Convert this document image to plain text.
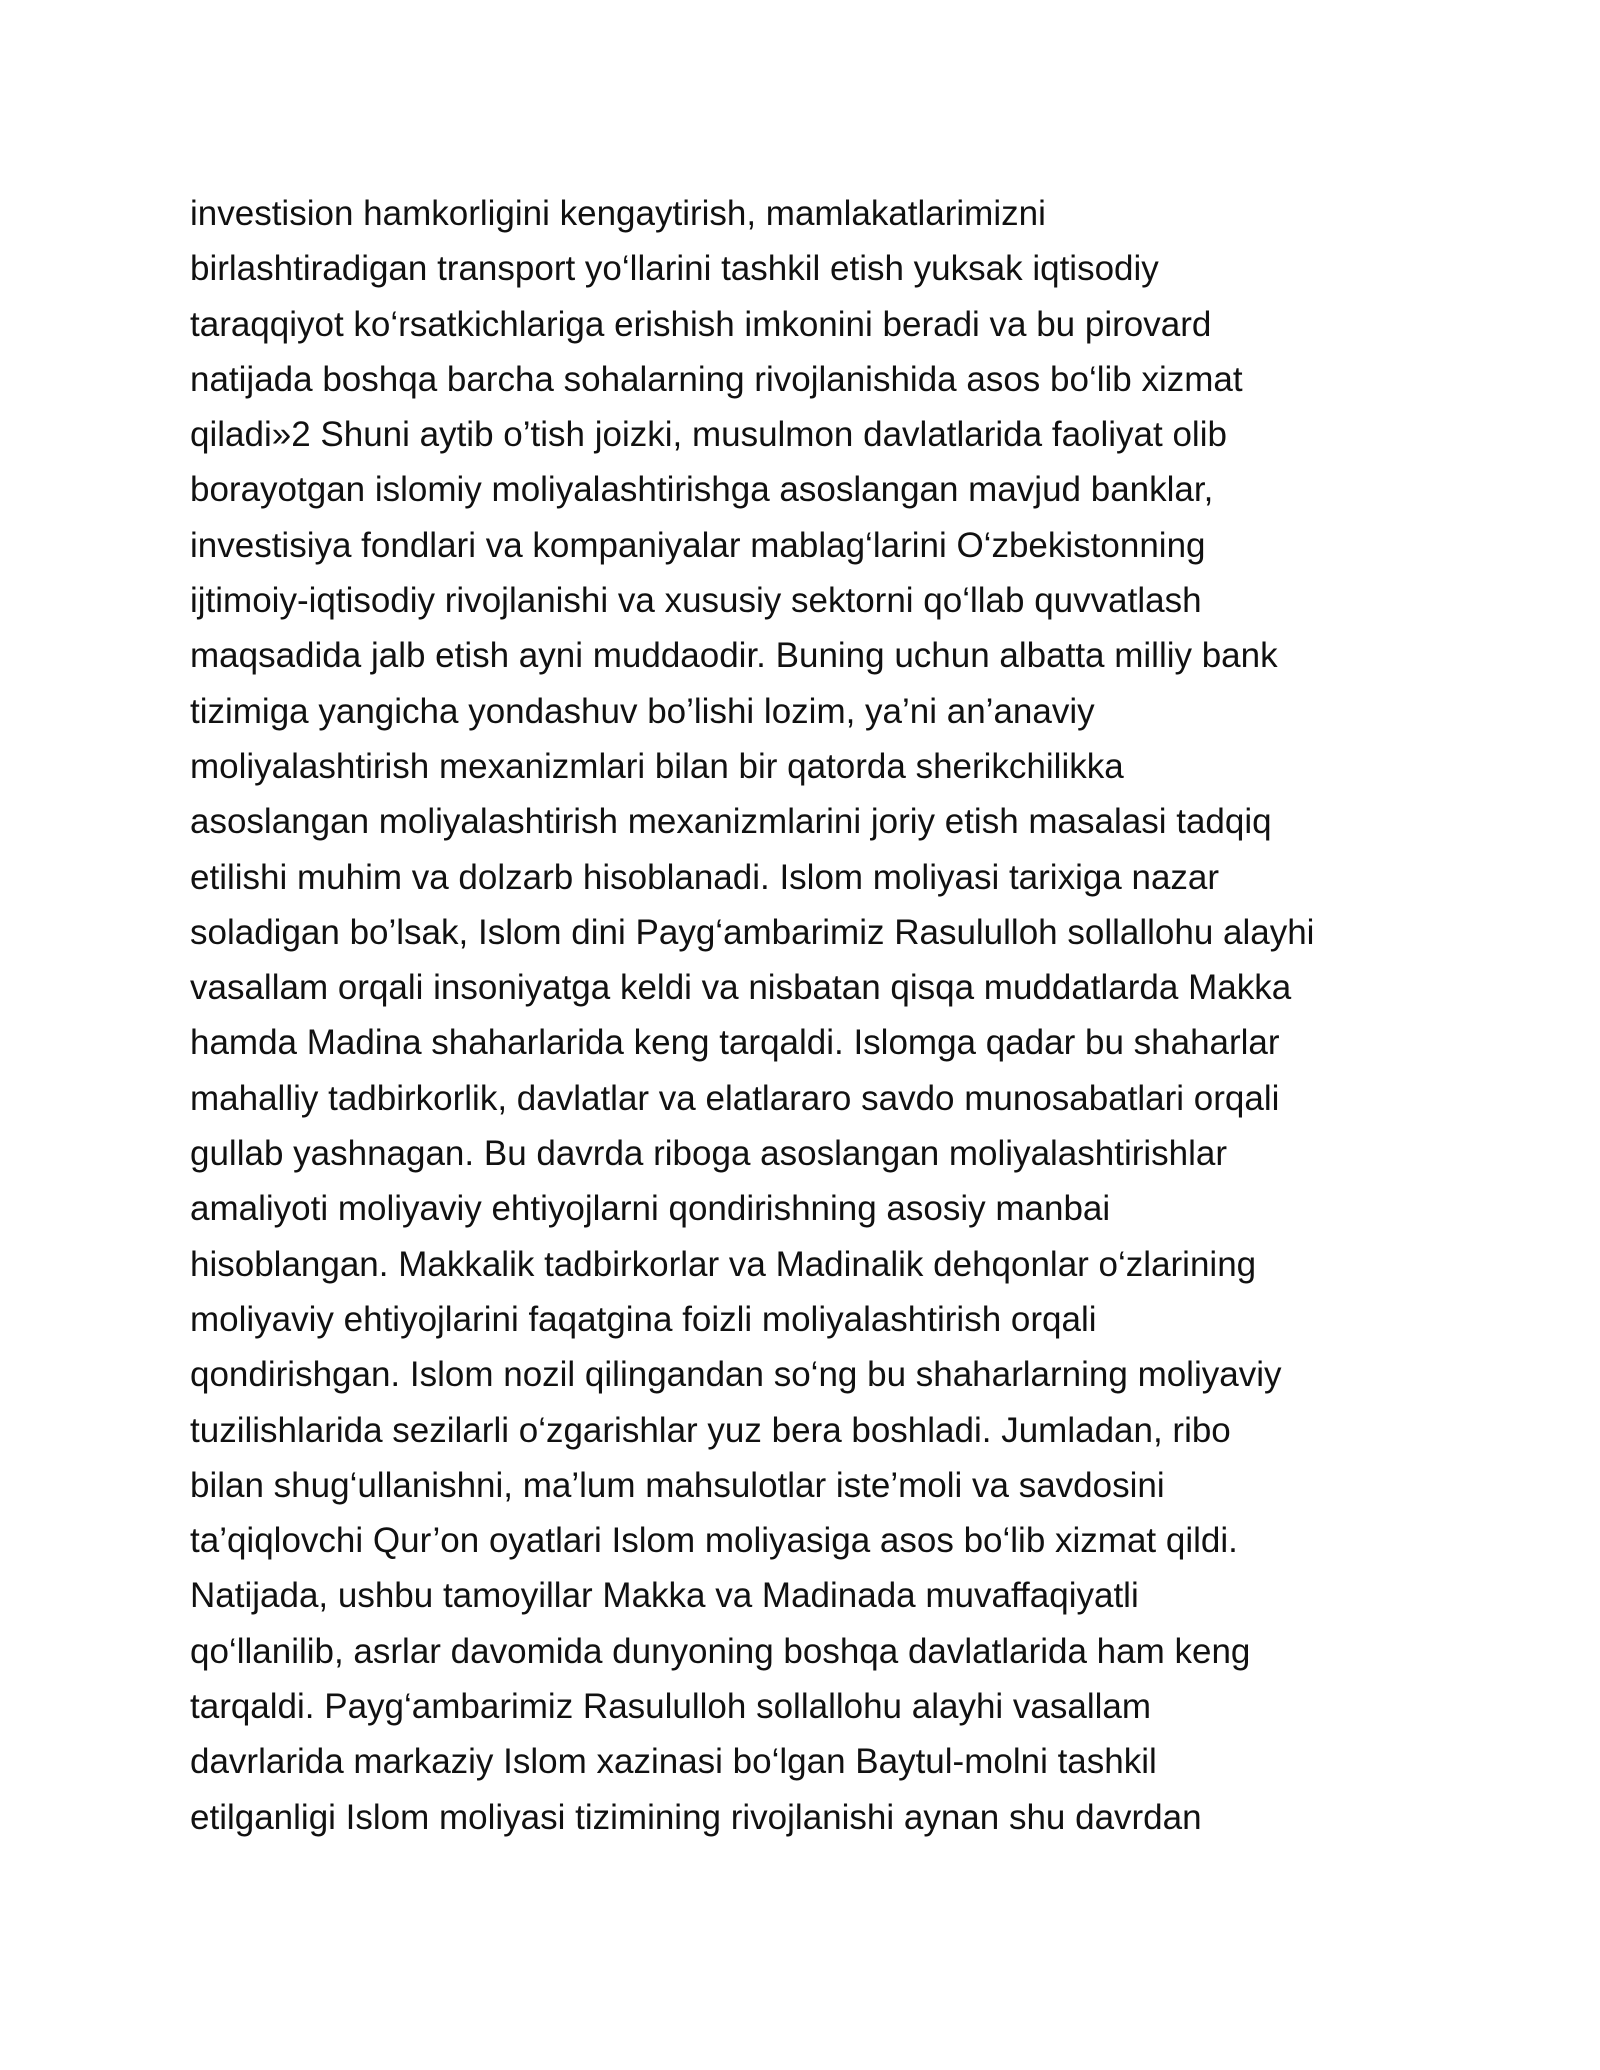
investision hamkorligini kengaytirish, mamlakatlarimizni
birlashtiradigan transport yo‘llarini tashkil etish yuksak iqtisodiy
taraqqiyot ko‘rsatkichlariga erishish imkonini beradi va bu pirovard
natijada boshqa barcha sohalarning rivojlanishida asos bo‘lib xizmat
qiladi»2 Shuni aytib o’tish joizki, musulmon davlatlarida faoliyat olib
borayotgan islomiy moliyalashtirishga asoslangan mavjud banklar,
investisiya fondlari va kompaniyalar mablag‘larini O‘zbekistonning
ijtimoiy-iqtisodiy rivojlanishi va xususiy sektorni qo‘llab quvvatlash
maqsadida jalb etish ayni muddaodir. Buning uchun albatta milliy bank
tizimiga yangicha yondashuv bo’lishi lozim, ya’ni an’anaviy
moliyalashtirish mexanizmlari bilan bir qatorda sherikchilikka
asoslangan moliyalashtirish mexanizmlarini joriy etish masalasi tadqiq
etilishi muhim va dolzarb hisoblanadi. Islom moliyasi tarixiga nazar
soladigan bo’lsak, Islom dini Payg‘ambarimiz Rasululloh sollallohu alayhi
vasallam orqali insoniyatga keldi va nisbatan qisqa muddatlarda Makka
hamda Madina shaharlarida keng tarqaldi. Islomga qadar bu shaharlar
mahalliy tadbirkorlik, davlatlar va elatlararo savdo munosabatlari orqali
gullab yashnagan. Bu davrda riboga asoslangan moliyalashtirishlar
amaliyoti moliyaviy ehtiyojlarni qondirishning asosiy manbai
hisoblangan. Makkalik tadbirkorlar va Madinalik dehqonlar o‘zlarining
moliyaviy ehtiyojlarini faqatgina foizli moliyalashtirish orqali
qondirishgan. Islom nozil qilingandan so‘ng bu shaharlarning moliyaviy
tuzilishlarida sezilarli o‘zgarishlar yuz bera boshladi. Jumladan, ribo
bilan shug‘ullanishni, ma’lum mahsulotlar iste’moli va savdosini
ta’qiqlovchi Qur’on oyatlari Islom moliyasiga asos bo‘lib xizmat qildi.
Natijada, ushbu tamoyillar Makka va Madinada muvaffaqiyatli
qo‘llanilib, asrlar davomida dunyoning boshqa davlatlarida ham keng
tarqaldi. Payg‘ambarimiz Rasululloh sollallohu alayhi vasallam
davrlarida markaziy Islom xazinasi bo‘lgan Baytul-molni tashkil
etilganligi Islom moliyasi tizimining rivojlanishi aynan shu davrdan
